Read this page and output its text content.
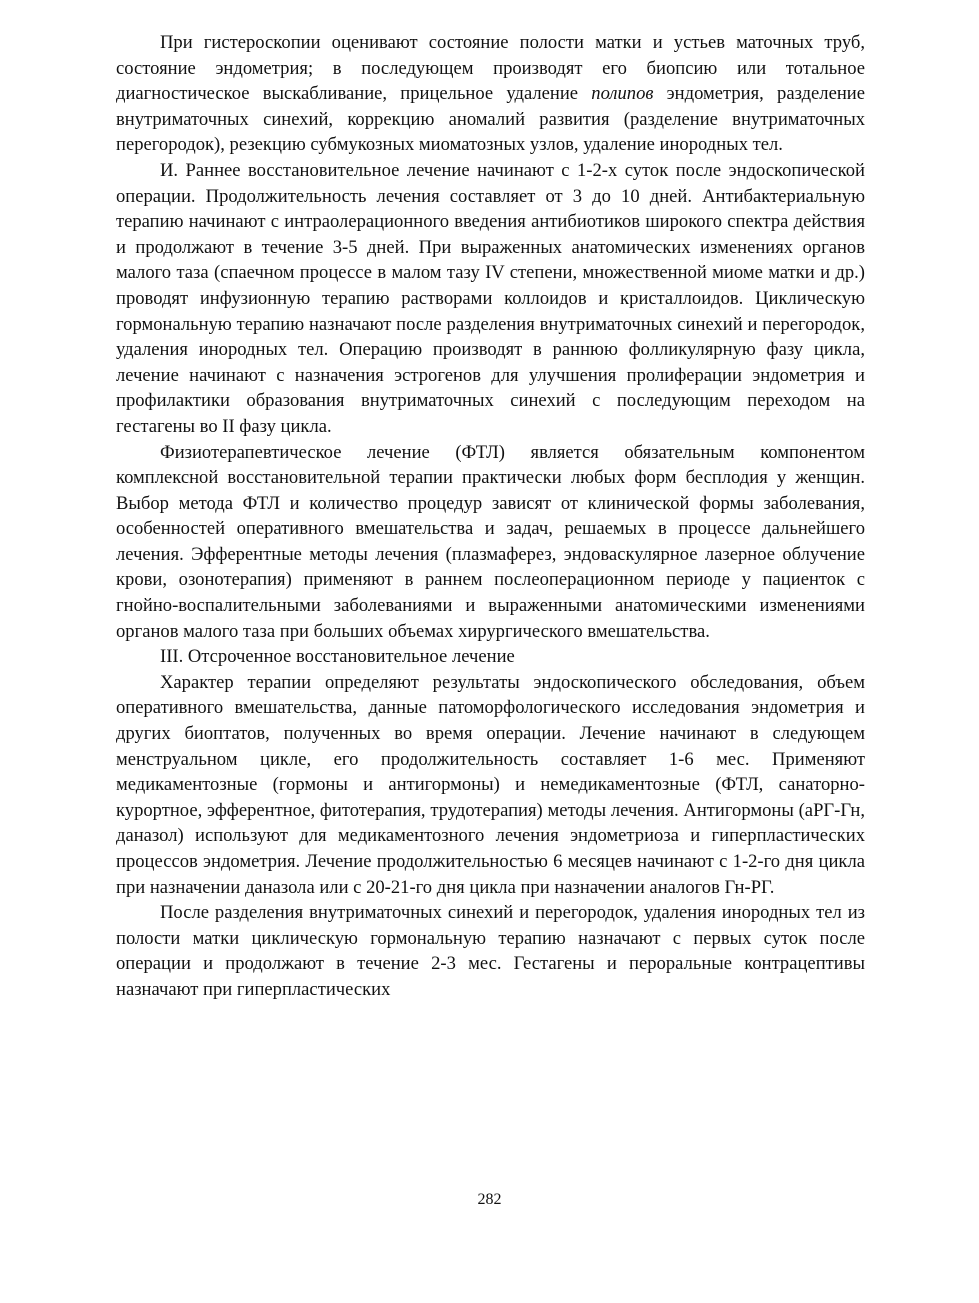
При гистероскопии оценивают состояние полости матки и устьев маточных труб, состояние эндометрия; в последующем производят его биопсию или тотальное диагностическое выскабливание, прицельное удаление полипов эндометрия, разделение внутриматочных синехий, коррекцию аномалий развития (разделение внутриматочных перегородок), резекцию субмукозных миоматозных узлов, удаление инородных тел.

И. Раннее восстановительное лечение начинают с 1-2-х суток после эндоскопической операции. Продолжительность лечения составляет от 3 до 10 дней. Антибактериальную терапию начинают с интраолерационного введения антибиотиков широкого спектра действия и продолжают в течение 3-5 дней. При выраженных анатомических изменениях органов малого таза (спаечном процессе в малом тазу IV степени, множественной миоме матки и др.) проводят инфузионную терапию растворами коллоидов и кристаллоидов. Циклическую гормональную терапию назначают после разделения внутриматочных синехий и перегородок, удаления инородных тел. Операцию производят в раннюю фолликулярную фазу цикла, лечение начинают с назначения эстрогенов для улучшения пролиферации эндометрия и профилактики образования внутриматочных синехий с последующим переходом на гестагены во II фазу цикла.

Физиотерапевтическое лечение (ФТЛ) является обязательным компонентом комплексной восстановительной терапии практически любых форм бесплодия у женщин. Выбор метода ФТЛ и количество процедур зависят от клинической формы заболевания, особенностей оперативного вмешательства и задач, решаемых в процессе дальнейшего лечения. Эфферентные методы лечения (плазмаферез, эндоваскулярное лазерное облучение крови, озонотерапия) применяют в раннем послеоперационном периоде у пациенток с гнойно-воспалительными заболеваниями и выраженными анатомическими изменениями органов малого таза при больших объемах хирургического вмешательства.

III. Отсроченное восстановительное лечение

Характер терапии определяют результаты эндоскопического обследования, объем оперативного вмешательства, данные патоморфологического исследования эндометрия и других биоптатов, полученных во время операции. Лечение начинают в следующем менструальном цикле, его продолжительность составляет 1-6 мес. Применяют медикаментозные (гормоны и антигормоны) и немедикаментозные (ФТЛ, санаторно-курортное, эфферентное, фитотерапия, трудотерапия) методы лечения. Антигормоны (аРГ-Гн, даназол) используют для медикаментозного лечения эндометриоза и гиперпластических процессов эндометрия. Лечение продолжительностью 6 месяцев начинают с 1-2-го дня цикла при назначении даназола или с 20-21-го дня цикла при назначении аналогов Гн-РГ.

После разделения внутриматочных синехий и перегородок, удаления инородных тел из полости матки циклическую гормональную терапию назначают с первых суток после операции и продолжают в течение 2-3 мес. Гестагены и пероральные контрацептивы назначают при гиперпластических

282
